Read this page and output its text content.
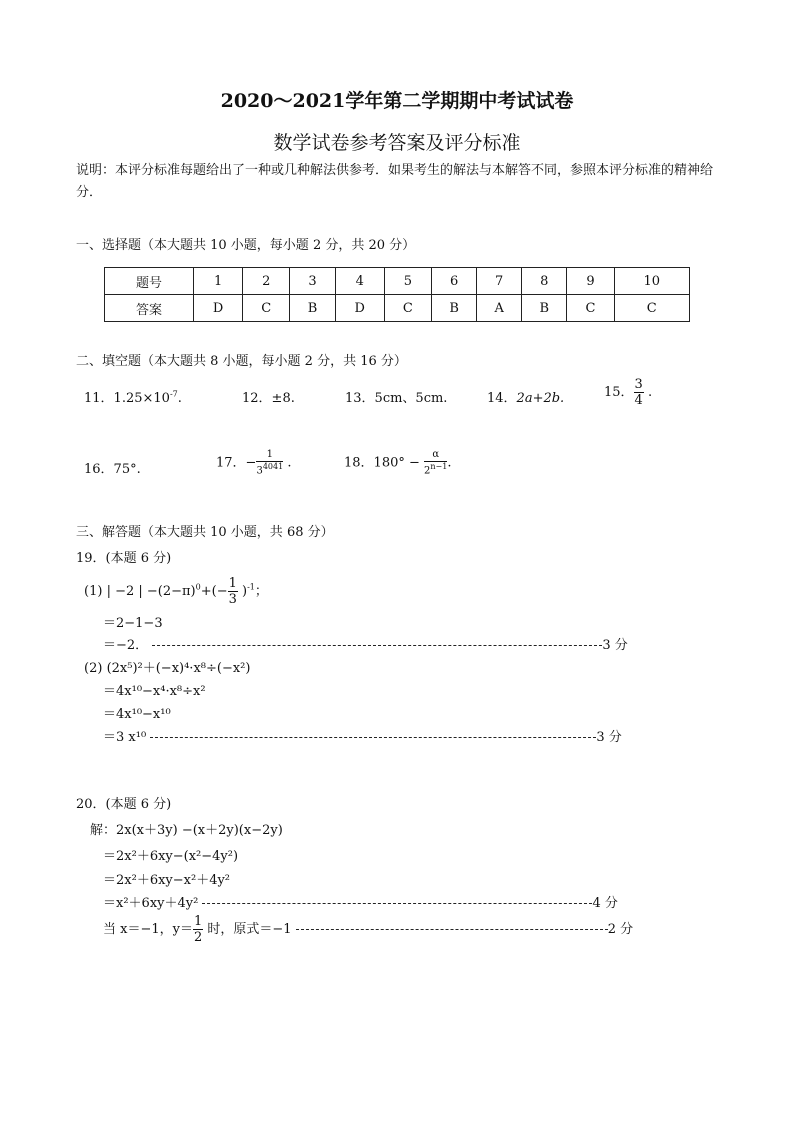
2020～2021学年第二学期期中考试试卷
数学试卷参考答案及评分标准
说明：本评分标准每题给出了一种或几种解法供参考．如果考生的解法与本解答不同，参照本评分标准的精神给分．
一、选择题（本大题共 10 小题，每小题 2 分，共 20 分）
题号	1	2	3	4	5	6	7	8	9	10
答案	D	C	B	D	C	B	A	B	C	C
二、填空题（本大题共 8 小题，每小题 2 分，共 16 分）
11．$1.25\times 10^{-7}$.	12．±8.	13．5cm、5cm.	14．2a+2b.	15． $\frac{3}{4}$ .
16．75°.	17．− $\frac{1}{3^{4041}}$ .	18．$180^\circ - \frac{\alpha}{2^{n-1}}$ .
三、解答题（本大题共 10 小题，共 68 分）
19．(本题 6 分)
(1) | −2 | $-(2-\pi)^0+(- \frac{1}{3} )^{-1}$；
＝2−1−3
＝−2．	3 分
(2) (2x⁵)²＋(−x)⁴·x⁸÷(−x²)
＝4x¹⁰−x⁴·x⁸÷x²
＝4x¹⁰−x¹⁰
＝3 x¹⁰	3 分
20．(本题 6 分)
解：2x(x＋3y) −(x＋2y)(x−2y)
＝2x²＋6xy−(x²−4y²)
＝2x²＋6xy−x²＋4y²
＝x²＋6xy＋4y²	4 分
当 x＝−1，$y= \frac{1}{2}$ 时，原式＝−1	2 分
